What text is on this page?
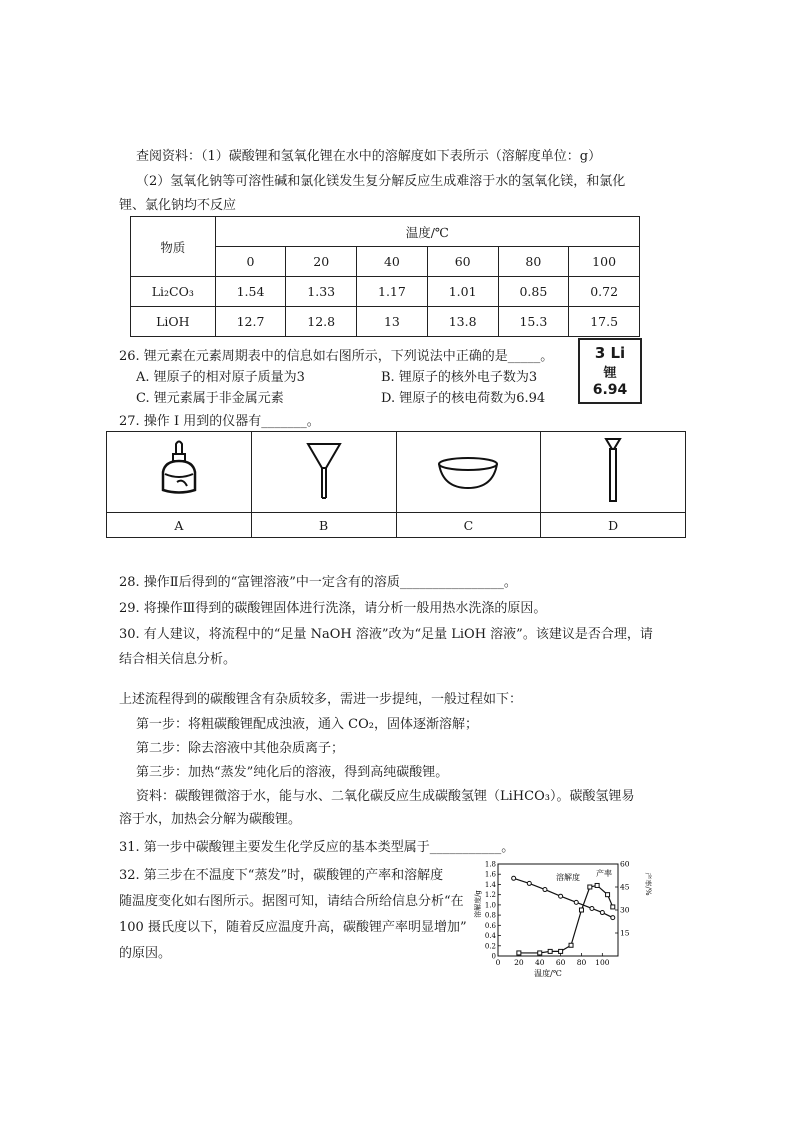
查阅资料：（1）碳酸锂和氢氧化锂在水中的溶解度如下表所示（溶解度单位：g）
（2）氢氧化钠等可溶性碱和氯化镁发生复分解反应生成难溶于水的氢氧化镁，和氯化
锂、氯化钠均不反应
物质	温度/℃					
	0	20	40	60	80	100
Li₂CO₃	1.54	1.33	1.17	1.01	0.85	0.72
LiOH	12.7	12.8	13	13.8	15.3	17.5
26. 锂元素在元素周期表中的信息如右图所示，下列说法中正确的是_____。
A. 锂原子的相对原子质量为3	B. 锂原子的核外电子数为3
C. 锂元素属于非金属元素	D. 锂原子的核电荷数为6.94
3 Li
锂
6.94
27. 操作 I 用到的仪器有_______。

A	B	C	D
28. 操作Ⅱ后得到的“富锂溶液”中一定含有的溶质________________。
29. 将操作Ⅲ得到的碳酸锂固体进行洗涤，请分析一般用热水洗涤的原因。
30. 有人建议，将流程中的“足量 NaOH 溶液”改为“足量 LiOH 溶液”。该建议是否合理，请
结合相关信息分析。
上述流程得到的碳酸锂含有杂质较多，需进一步提纯，一般过程如下：
第一步：将粗碳酸锂配成浊液，通入 CO₂，固体逐渐溶解；
第二步：除去溶液中其他杂质离子；
第三步：加热“蒸发”纯化后的溶液，得到高纯碳酸锂。
资料：碳酸锂微溶于水，能与水、二氧化碳反应生成碳酸氢锂（LiHCO₃）。碳酸氢锂易
溶于水，加热会分解为碳酸锂。
31. 第一步中碳酸锂主要发生化学反应的基本类型属于___________。
32. 第三步在不温度下“蒸发”时，碳酸锂的产率和溶解度
随温度变化如右图所示。据图可知，请结合所给信息分析“在
100 摄氏度以下，随着反应温度升高，碳酸锂产率明显增加”
的原因。
0 20 40 60 80 100
0
0.2
0.4
0.6
0.8
1.0
1.2
1.4
1.6
1.8
15
30
45
60
温度/℃
溶解度/g
产率/%
溶解度 产率
